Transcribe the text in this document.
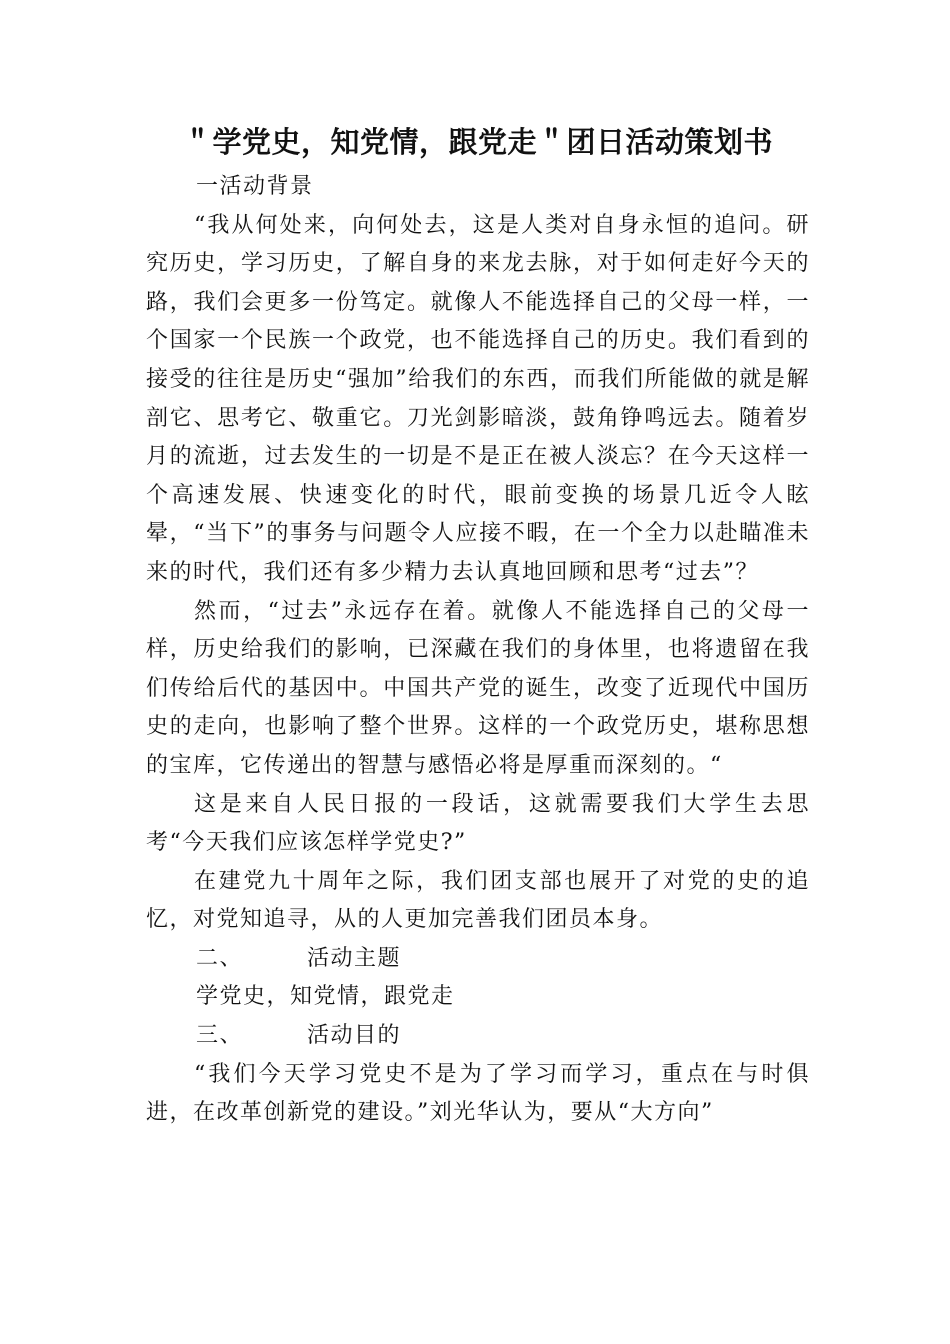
＂学党史，知党情，跟党走＂团日活动策划书

一活动背景

“我从何处来，向何处去，这是人类对自身永恒的追问。研究历史，学习历史，了解自身的来龙去脉，对于如何走好今天的路，我们会更多一份笃定。就像人不能选择自己的父母一样，一个国家一个民族一个政党，也不能选择自己的历史。我们看到的接受的往往是历史“强加”给我们的东西，而我们所能做的就是解剖它、思考它、敬重它。刀光剑影暗淡，鼓角铮鸣远去。随着岁月的流逝，过去发生的一切是不是正在被人淡忘？在今天这样一个高速发展、快速变化的时代，眼前变换的场景几近令人眩晕，“当下”的事务与问题令人应接不暇，在一个全力以赴瞄准未来的时代，我们还有多少精力去认真地回顾和思考“过去”？

然而，“过去”永远存在着。就像人不能选择自己的父母一样，历史给我们的影响，已深藏在我们的身体里，也将遗留在我们传给后代的基因中。中国共产党的诞生，改变了近现代中国历史的走向，也影响了整个世界。这样的一个政党历史，堪称思想的宝库，它传递出的智慧与感悟必将是厚重而深刻的。“

这是来自人民日报的一段话，这就需要我们大学生去思考“今天我们应该怎样学党史?”

在建党九十周年之际，我们团支部也展开了对党的史的追忆，对党知追寻，从的人更加完善我们团员本身。

二、	活动主题

学党史，知党情，跟党走

三、	活动目的

“我们今天学习党史不是为了学习而学习，重点在与时俱进，在改革创新党的建设。”刘光华认为，要从“大方向”
